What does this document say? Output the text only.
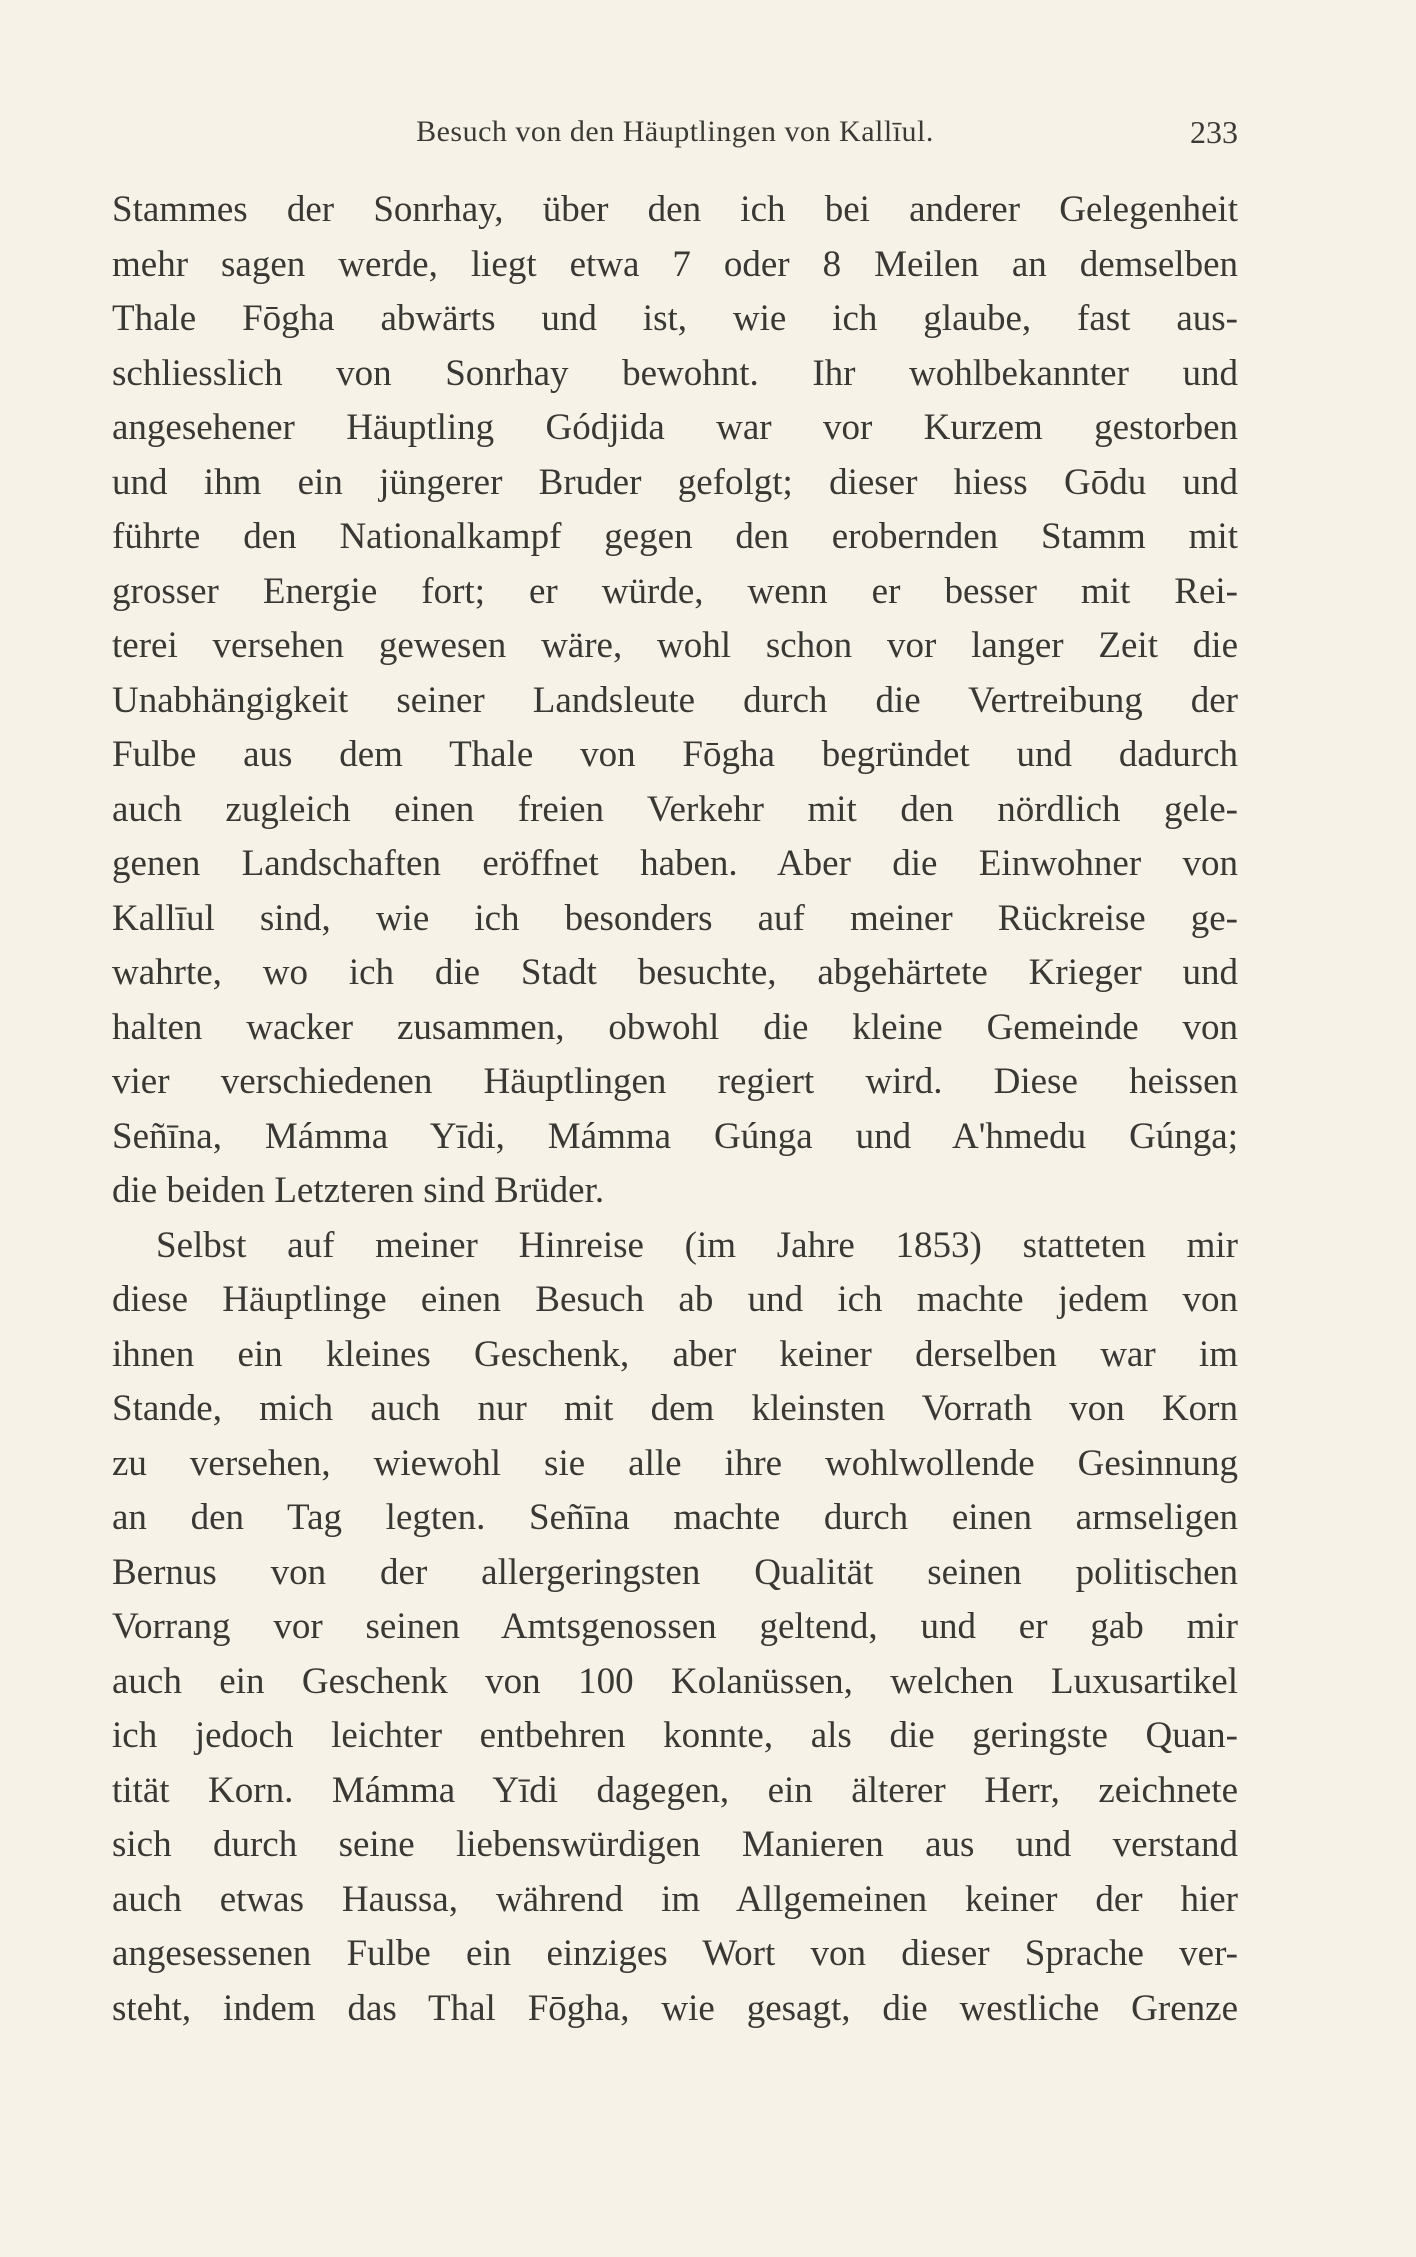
Besuch von den Häuptlingen von Kallīul.	233
Stammes der Sonrhay, über den ich bei anderer Gelegenheit
mehr sagen werde, liegt etwa 7 oder 8 Meilen an demselben
Thale Fōgha abwärts und ist, wie ich glaube, fast aus-
schliesslich von Sonrhay bewohnt. Ihr wohlbekannter und
angesehener Häuptling Gódjida war vor Kurzem gestorben
und ihm ein jüngerer Bruder gefolgt; dieser hiess Gōdu und
führte den Nationalkampf gegen den erobernden Stamm mit
grosser Energie fort; er würde, wenn er besser mit Rei-
terei versehen gewesen wäre, wohl schon vor langer Zeit die
Unabhängigkeit seiner Landsleute durch die Vertreibung der
Fulbe aus dem Thale von Fōgha begründet und dadurch
auch zugleich einen freien Verkehr mit den nördlich gele-
genen Landschaften eröffnet haben. Aber die Einwohner von
Kallīul sind, wie ich besonders auf meiner Rückreise ge-
wahrte, wo ich die Stadt besuchte, abgehärtete Krieger und
halten wacker zusammen, obwohl die kleine Gemeinde von
vier verschiedenen Häuptlingen regiert wird. Diese heissen
Señīna, Mámma Yīdi, Mámma Gúnga und A'hmedu Gúnga;
die beiden Letzteren sind Brüder.
Selbst auf meiner Hinreise (im Jahre 1853) statteten mir
diese Häuptlinge einen Besuch ab und ich machte jedem von
ihnen ein kleines Geschenk, aber keiner derselben war im
Stande, mich auch nur mit dem kleinsten Vorrath von Korn
zu versehen, wiewohl sie alle ihre wohlwollende Gesinnung
an den Tag legten. Señīna machte durch einen armseligen
Bernus von der allergeringsten Qualität seinen politischen
Vorrang vor seinen Amtsgenossen geltend, und er gab mir
auch ein Geschenk von 100 Kolanüssen, welchen Luxusartikel
ich jedoch leichter entbehren konnte, als die geringste Quan-
tität Korn. Mámma Yīdi dagegen, ein älterer Herr, zeichnete
sich durch seine liebenswürdigen Manieren aus und verstand
auch etwas Haussa, während im Allgemeinen keiner der hier
angesessenen Fulbe ein einziges Wort von dieser Sprache ver-
steht, indem das Thal Fōgha, wie gesagt, die westliche Grenze
